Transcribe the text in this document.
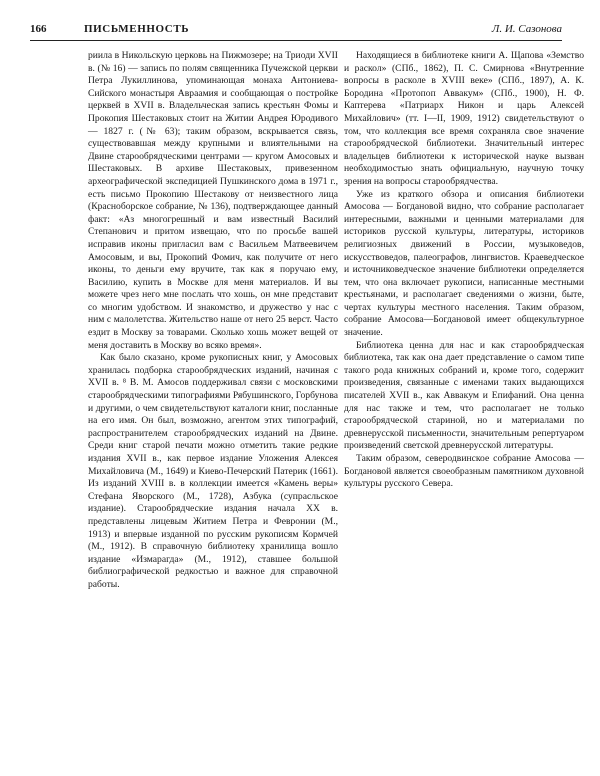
166	ПИСЬМЕННОСТЬ	Л. И. Сазонова

риила в Никольскую церковь на Пижмозере; на Триоди XVII в. (№ 16) — запись по полям священника Пучежской церкви Петра Лукиллинова, упоминающая монаха Антониева-Сийского монастыря Авраамия и сообщающая о постройке церквей в XVII в. Владельческая запись крестьян Фомы и Прокопия Шестаковых стоит на Житии Андрея Юродивого — 1827 г. (№ 63); таким образом, вскрывается связь, существовавшая между крупными и влиятельными на Двине старообрядческими центрами — кругом Амосовых и Шестаковых. В архиве Шестаковых, привезенном археографической экспедицией Пушкинского дома в 1971 г., есть письмо Прокопию Шестакову от неизвестного лица (Красноборское собрание, № 136), подтверждающее данный факт: «Аз многогрешный и вам известный Василий Степанович и притом извещаю, что по просьбе вашей исправив иконы пригласил вам с Васильем Матвеевичем Амосовым, и вы, Прокопий Фомич, как получите от него иконы, то деньги ему вручите, так как я поручаю ему, Василию, купить в Москве для меня материалов. И вы можете чрез него мне послать что хошь, он мне представит со многим удобством. И знакомство, и дружество у нас с ним с малолетства. Жительство наше от него 25 верст. Часто ездит в Москву за товарами. Сколько хошь может вещей от меня доставить в Москву во всяко время».

Как было сказано, кроме рукописных книг, у Амосовых хранилась подборка старообрядческих изданий, начиная с XVII в. ⁸ В. М. Амосов поддерживал связи с московскими старообрядческими типографиями Рябушинского, Горбунова и другими, о чем свидетельствуют каталоги книг, посланные на его имя. Он был, возможно, агентом этих типографий, распространителем старообрядческих изданий на Двине. Среди книг старой печати можно отметить такие редкие издания XVII в., как первое издание Уложения Алексея Михайловича (М., 1649) и Киево-Печерский Патерик (1661). Из изданий XVIII в. в коллекции имеется «Камень веры» Стефана Яворского (М., 1728), Азбука (супрасльское издание). Старообрядческие издания начала XX в. представлены лицевым Житием Петра и Февронии (М., 1913) и впервые изданной по русским рукописям Кормчей (М., 1912). В справочную библиотеку хранилища вошло издание «Измарагда» (М., 1912), ставшее большой библиографической редкостью и важное для справочной работы.

Находящиеся в библиотеке книги А. Щапова «Земство и раскол» (СПб., 1862), П. С. Смирнова «Внутренние вопросы в расколе в XVIII веке» (СПб., 1897), А. К. Бородина «Протопоп Аввакум» (СПб., 1900), Н. Ф. Каптерева «Патриарх Никон и царь Алексей Михайлович» (тт. I—II, 1909, 1912) свидетельствуют о том, что коллекция все время сохраняла свое значение старообрядческой библиотеки. Значительный интерес владельцев библиотеки к исторической науке вызван необходимостью знать официальную, научную точку зрения на вопросы старообрядчества.

Уже из краткого обзора и описания библиотеки Амосова — Богдановой видно, что собрание располагает интересными, важными и ценными материалами для историков русской культуры, литературы, историков религиозных движений в России, музыковедов, искусствоведов, палеографов, лингвистов. Краеведческое и источниковедческое значение библиотеки определяется тем, что она включает рукописи, написанные местными крестьянами, и располагает сведениями о жизни, быте, чертах культуры местного населения. Таким образом, собрание Амосова—Богдановой имеет общекультурное значение.

Библиотека ценна для нас и как старообрядческая библиотека, так как она дает представление о самом типе такого рода книжных собраний и, кроме того, содержит произведения, связанные с именами таких выдающихся писателей XVII в., как Аввакум и Епифаний. Она ценна для нас также и тем, что располагает не только старообрядческой стариной, но и материалами по древнерусской письменности, значительным репертуаром произведений светской древнерусской литературы.

Таким образом, северодвинское собрание Амосова — Богдановой является своеобразным памятником духовной культуры русского Севера.
